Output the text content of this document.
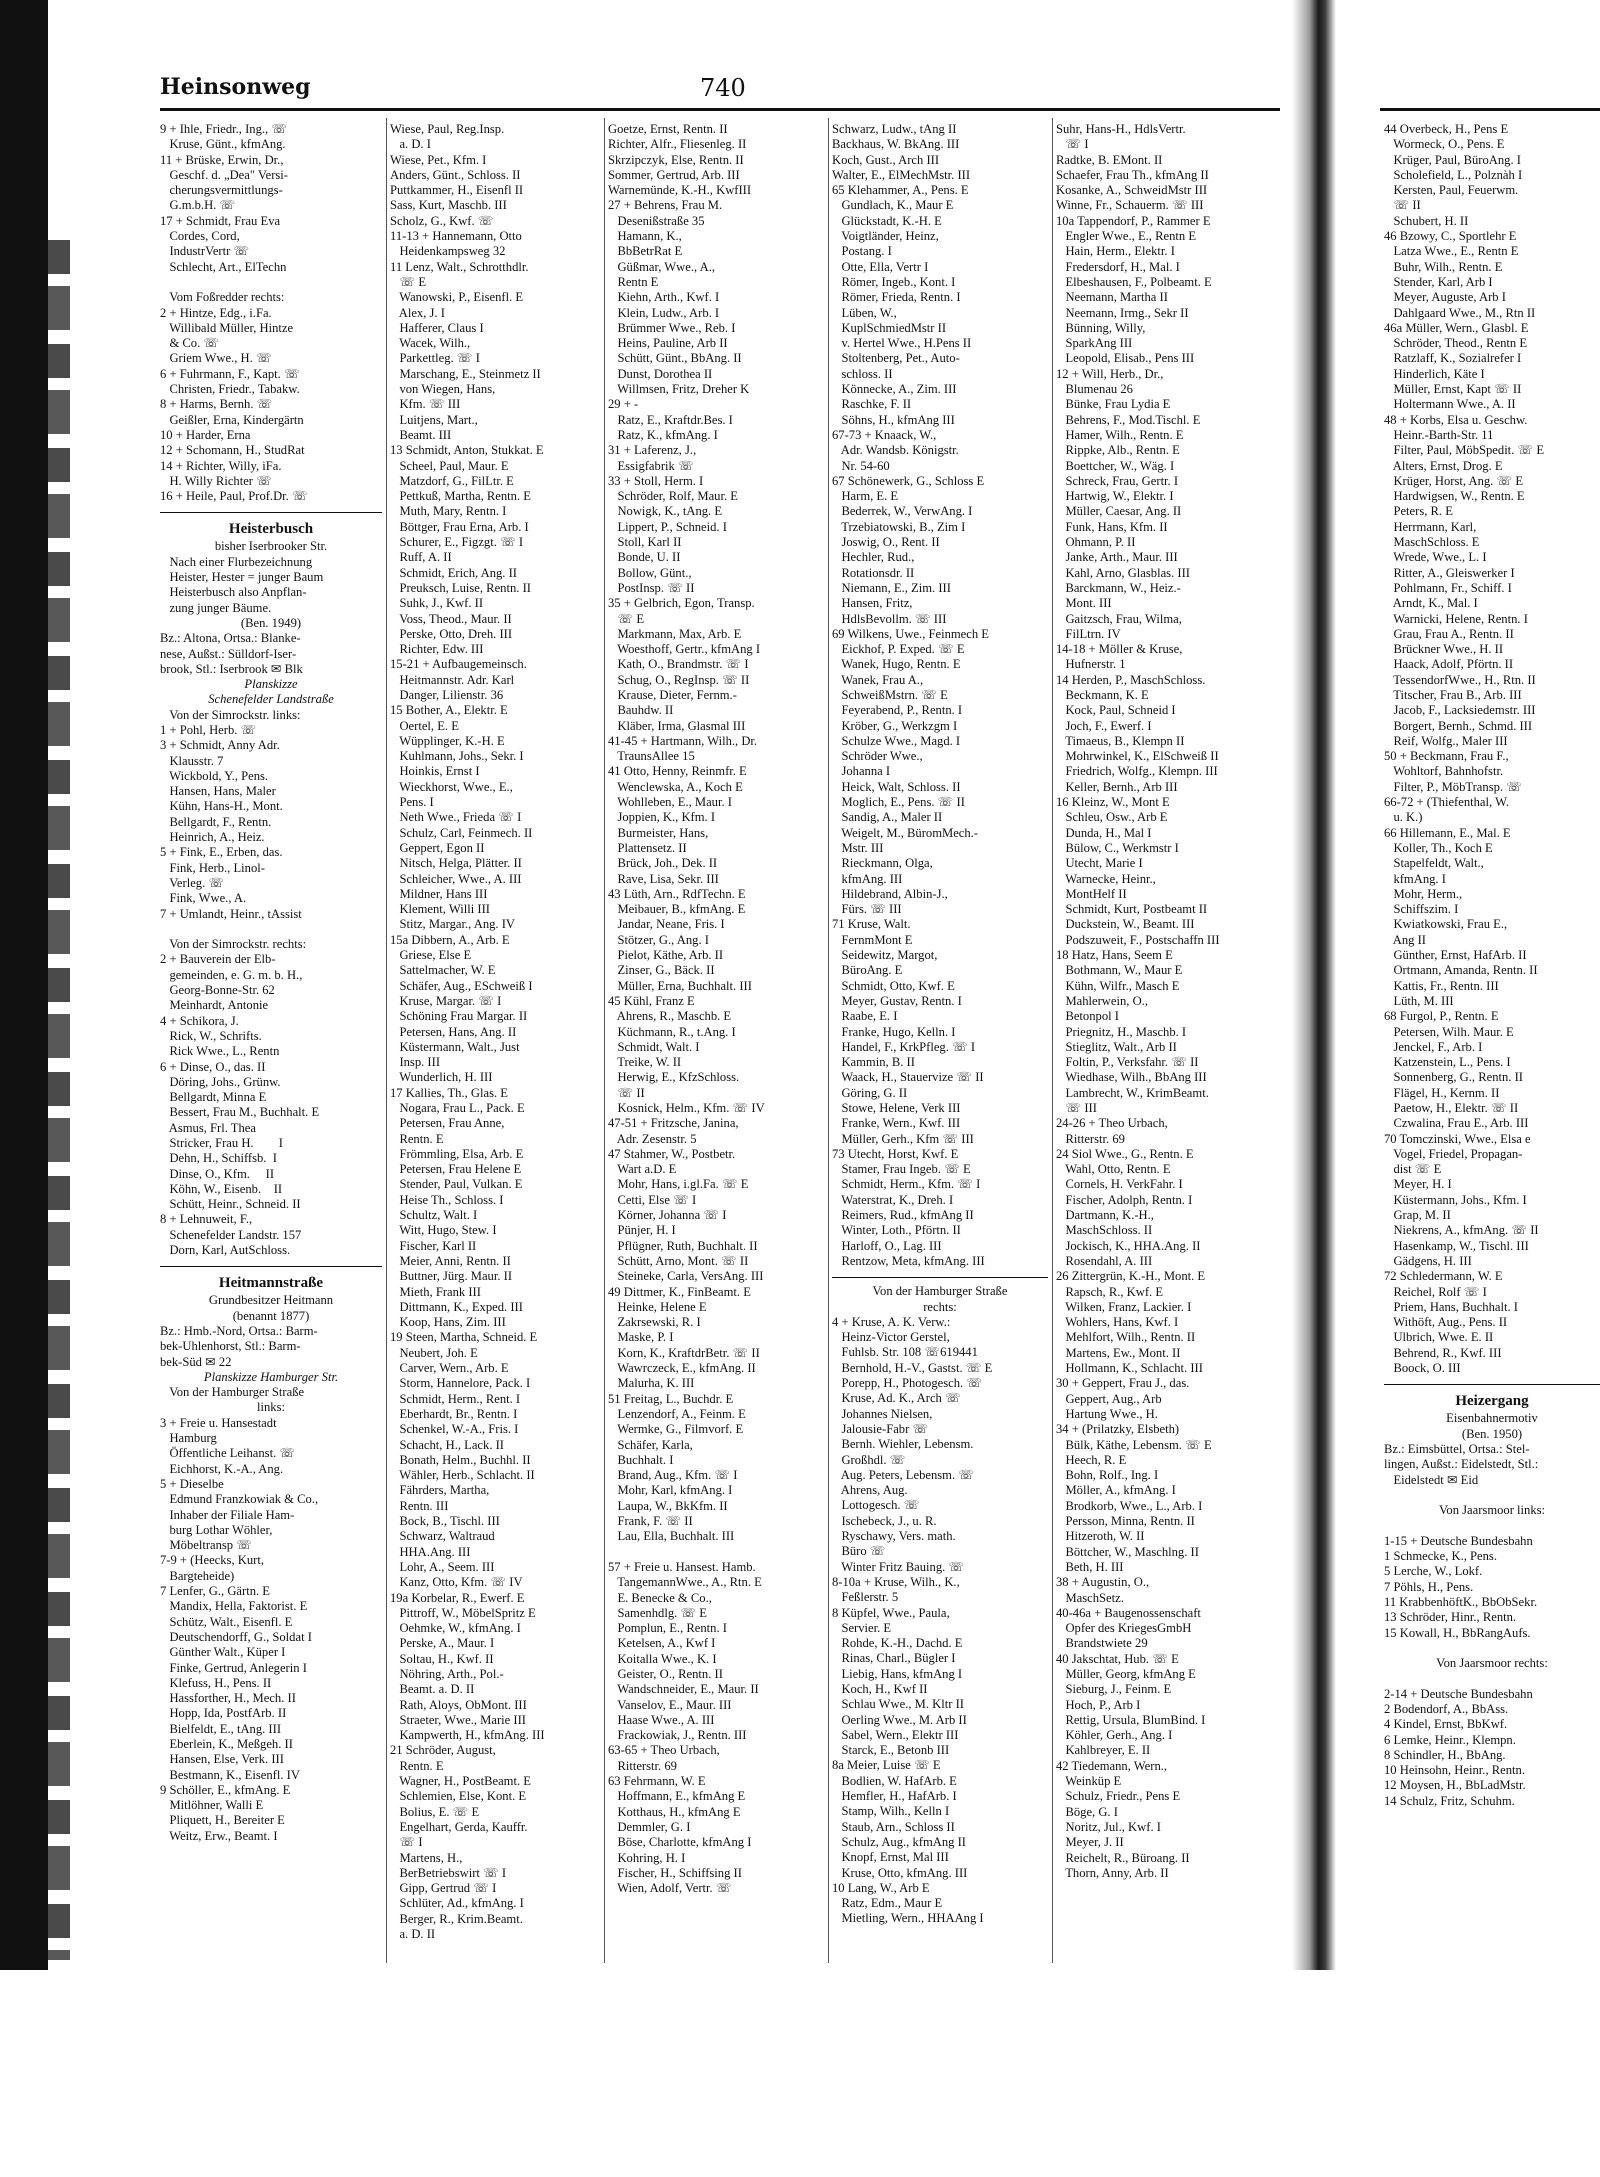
Heinsonweg	740
9 + Ihle, Friedr., Ing., ☏
Kruse, Günt., kfmAng.
11 + Brüske, Erwin, Dr.,
Geschf. d. „Dea" Versi-
cherungsvermittlungs-
G.m.b.H. ☏
17 + Schmidt, Frau Eva
Cordes, Cord,
IndustrVertr ☏
Schlecht, Art., ElTechn
Vom Foßredder rechts:
2 + Hintze, Edg., i.Fa.
Willibald Müller, Hintze
& Co. ☏
Griem Wwe., H. ☏
6 + Fuhrmann, F., Kapt. ☏
Christen, Friedr., Tabakw.
8 + Harms, Bernh. ☏
Geißler, Erna, Kindergärtn
10 + Harder, Erna
12 + Schomann, H., StudRat
14 + Richter, Willy, iFa.
H. Willy Richter ☏
16 + Heile, Paul, Prof.Dr. ☏
Heisterbusch
bisher Iserbrooker Str.
Nach einer Flurbezeichnung
Heister, Hester = junger Baum
Heisterbusch also Anpflan-
zung junger Bäume.
(Ben. 1949)
Bz.: Altona, Ortsa.: Blanke-
nese, Außst.: Sülldorf-Iser-
brook, Stl.: Iserbrook ✉ Blk
Planskizze
Schenefelder Landstraße
Von der Simrockstr. links:
1 + Pohl, Herb. ☏
3 + Schmidt, Anny Adr.
Klausstr. 7
Wickbold, Y., Pens.
Hansen, Hans, Maler
Kühn, Hans-H., Mont.
Bellgardt, F., Rentn.
Heinrich, A., Heiz.
5 + Fink, E., Erben, das.
Fink, Herb., Linol-
Verleg. ☏
Fink, Wwe., A.
7 + Umlandt, Heinr., tAssist
Von der Simrockstr. rechts:
2 + Bauverein der Elb-
gemeinden, e. G. m. b. H.,
Georg-Bonne-Str. 62
Meinhardt, Antonie
4 + Schikora, J.
Rick, W., Schrifts.
Rick Wwe., L., Rentn
6 + Dinse, O., das. II
Döring, Johs., Grünw.
Bellgardt, Minna E
Bessert, Frau M., Buchhalt. E
Asmus, Frl. Thea
Stricker, Frau H.        I
Dehn, H., Schiffsb.  I
Dinse, O., Kfm.     II
Köhn, W., Eisenb.    II
Schütt, Heinr., Schneid. II
8 + Lehnuweit, F.,
Schenefelder Landstr. 157
Dorn, Karl, AutSchloss.
Heitmannstraße
Grundbesitzer Heitmann
(benannt 1877)
Bz.: Hmb.-Nord, Ortsa.: Barm-
bek-Uhlenhorst, Stl.: Barm-
bek-Süd ✉ 22
Planskizze Hamburger Str.
Von der Hamburger Straße
links:
3 + Freie u. Hansestadt
Hamburg
Öffentliche Leihanst. ☏
Eichhorst, K.-A., Ang.
5 + Dieselbe
Edmund Franzkowiak & Co.,
Inhaber der Filiale Ham-
burg Lothar Wöhler,
Möbeltransp ☏
7-9 + (Heecks, Kurt,
Bargteheide)
7 Lenfer, G., Gärtn. E
Mandix, Hella, Faktorist. E
Schütz, Walt., Eisenfl. E
Deutschendorff, G., Soldat I
Günther Walt., Küper I
Finke, Gertrud, Anlegerin I
Klefuss, H., Pens. II
Hassforther, H., Mech. II
Hopp, Ida, PostfArb. II
Bielfeldt, E., tAng. III
Eberlein, K., Meßgeh. II
Hansen, Else, Verk. III
Bestmann, K., Eisenfl. IV
9 Schöller, E., kfmAng. E
Mitlöhner, Walli E
Pliquett, H., Bereiter E
Weitz, Erw., Beamt. I
Wiese, Paul, Reg.Insp.
a. D. I
Wiese, Pet., Kfm. I
Anders, Günt., Schloss. II
Puttkammer, H., Eisenfl II
Sass, Kurt, Maschb. III
Scholz, G., Kwf. ☏
11-13 + Hannemann, Otto
Heidenkampsweg 32
11 Lenz, Walt., Schrotthdlr.
☏ E
Wanowski, P., Eisenfl. E
Alex, J. I
Hafferer, Claus I
Wacek, Wilh.,
Parkettleg. ☏ I
Marschang, E., Steinmetz II
von Wiegen, Hans,
Kfm. ☏ III
Luitjens, Mart.,
Beamt. III
13 Schmidt, Anton, Stukkat. E
Scheel, Paul, Maur. E
Matzdorf, G., FilLtr. E
Pettkuß, Martha, Rentn. E
Muth, Mary, Rentn. I
Böttger, Frau Erna, Arb. I
Schurer, E., Figzgt. ☏ I
Ruff, A. II
Schmidt, Erich, Ang. II
Preuksch, Luise, Rentn. II
Suhk, J., Kwf. II
Voss, Theod., Maur. II
Perske, Otto, Dreh. III
Richter, Edw. III
15-21 + Aufbaugemeinsch.
Heitmannstr. Adr. Karl
Danger, Lilienstr. 36
15 Bother, A., Elektr. E
Oertel, E. E
Wüpplinger, K.-H. E
Kuhlmann, Johs., Sekr. I
Hoinkis, Ernst I
Wieckhorst, Wwe., E.,
Pens. I
Neth Wwe., Frieda ☏ I
Schulz, Carl, Feinmech. II
Geppert, Egon II
Nitsch, Helga, Plätter. II
Schleicher, Wwe., A. III
Mildner, Hans III
Klement, Willi III
Stitz, Margar., Ang. IV
15a Dibbern, A., Arb. E
Griese, Else E
Sattelmacher, W. E
Schäfer, Aug., ESchweiß I
Kruse, Margar. ☏ I
Schöning Frau Margar. II
Petersen, Hans, Ang. II
Küstermann, Walt., Just
Insp. III
Wunderlich, H. III
17 Kallies, Th., Glas. E
Nogara, Frau L., Pack. E
Petersen, Frau Anne,
Rentn. E
Frömmling, Elsa, Arb. E
Petersen, Frau Helene E
Stender, Paul, Vulkan. E
Heise Th., Schloss. I
Schultz, Walt. I
Witt, Hugo, Stew. I
Fischer, Karl II
Meier, Anni, Rentn. II
Buttner, Jürg. Maur. II
Mieth, Frank III
Dittmann, K., Exped. III
Koop, Hans, Zim. III
19 Steen, Martha, Schneid. E
Neubert, Joh. E
Carver, Wern., Arb. E
Storm, Hannelore, Pack. I
Schmidt, Herm., Rent. I
Eberhardt, Br., Rentn. I
Schenkel, W.-A., Fris. I
Schacht, H., Lack. II
Bonath, Helm., Buchhl. II
Wähler, Herb., Schlacht. II
Fährders, Martha,
Rentn. III
Bock, B., Tischl. III
Schwarz, Waltraud
HHA.Ang. III
Lohr, A., Seem. III
Kanz, Otto, Kfm. ☏ IV
19a Korbelar, R., Ewerf. E
Pittroff, W., MöbelSpritz E
Oehmke, W., kfmAng. I
Perske, A., Maur. I
Soltau, H., Kwf. II
Nöhring, Arth., Pol.-
Beamt. a. D. II
Rath, Aloys, ObMont. III
Straeter, Wwe., Marie III
Kampwerth, H., kfmAng. III
21 Schröder, August,
Rentn. E
Wagner, H., PostBeamt. E
Schlemien, Else, Kont. E
Bolius, E. ☏ E
Engelhart, Gerda, Kauffr.
☏ I
Martens, H.,
BerBetriebswirt ☏ I
Gipp, Gertrud ☏ I
Schlüter, Ad., kfmAng. I
Berger, R., Krim.Beamt.
a. D. II
Goetze, Ernst, Rentn. II
Richter, Alfr., Fliesenleg. II
Skrzipczyk, Else, Rentn. II
Sommer, Gertrud, Arb. III
Warnemünde, K.-H., KwfIII
27 + Behrens, Frau M.
Desenißstraße 35
Hamann, K.,
BbBetrRat E
Güßmar, Wwe., A.,
Rentn E
Kiehn, Arth., Kwf. I
Klein, Ludw., Arb. I
Brümmer Wwe., Reb. I
Heins, Pauline, Arb II
Schütt, Günt., BbAng. II
Dunst, Dorothea II
Willmsen, Fritz, Dreher K
29 + -
Ratz, E., Kraftdr.Bes. I
Ratz, K., kfmAng. I
31 + Laferenz, J.,
Essigfabrik ☏
33 + Stoll, Herm. I
Schröder, Rolf, Maur. E
Nowigk, K., tAng. E
Lippert, P., Schneid. I
Stoll, Karl II
Bonde, U. II
Bollow, Günt.,
PostInsp. ☏ II
35 + Gelbrich, Egon, Transp.
☏ E
Markmann, Max, Arb. E
Woesthoff, Gertr., kfmAng I
Kath, O., Brandmstr. ☏ I
Schug, O., RegInsp. ☏ II
Krause, Dieter, Fernm.-
Bauhdw. II
Kläber, Irma, Glasmal III
41-45 + Hartmann, Wilh., Dr.
TraunsAllee 15
41 Otto, Henny, Reinmfr. E
Wenclewska, A., Koch E
Wohlleben, E., Maur. I
Joppien, K., Kfm. I
Burmeister, Hans,
Plattensetz. II
Brück, Joh., Dek. II
Rave, Lisa, Sekr. III
43 Lüth, Arn., RdfTechn. E
Meibauer, B., kfmAng. E
Jandar, Neane, Fris. I
Stötzer, G., Ang. I
Pielot, Käthe, Arb. II
Zinser, G., Bäck. II
Müller, Erna, Buchhalt. III
45 Kühl, Franz E
Ahrens, R., Maschb. E
Küchmann, R., t.Ang. I
Schmidt, Walt. I
Treike, W. II
Herwig, E., KfzSchloss.
☏ II
Kosnick, Helm., Kfm. ☏ IV
47-51 + Fritzsche, Janina,
Adr. Zesenstr. 5
47 Stahmer, W., Postbetr.
Wart a.D. E
Mohr, Hans, i.gl.Fa. ☏ E
Cetti, Else ☏ I
Körner, Johanna ☏ I
Pünjer, H. I
Pflügner, Ruth, Buchhalt. II
Schütt, Arno, Mont. ☏ II
Steineke, Carla, VersAng. III
49 Dittmer, K., FinBeamt. E
Heinke, Helene E
Zakrsewski, R. I
Maske, P. I
Korn, K., KraftdrBetr. ☏ II
Wawrczeck, E., kfmAng. II
Malurha, K. III
51 Freitag, L., Buchdr. E
Lenzendorf, A., Feinm. E
Wermke, G., Filmvorf. E
Schäfer, Karla,
Buchhalt. I
Brand, Aug., Kfm. ☏ I
Mohr, Karl, kfmAng. I
Laupa, W., BkKfm. II
Frank, F. ☏ II
Lau, Ella, Buchhalt. III
57 + Freie u. Hansest. Hamb.
TangemannWwe., A., Rtn. E
E. Benecke & Co.,
Samenhdlg. ☏ E
Pomplun, E., Rentn. I
Ketelsen, A., Kwf I
Koitalla Wwe., K. I
Geister, O., Rentn. II
Wandschneider, E., Maur. II
Vanselov, E., Maur. III
Haase Wwe., A. III
Frackowiak, J., Rentn. III
63-65 + Theo Urbach,
Ritterstr. 69
63 Fehrmann, W. E
Hoffmann, E., kfmAng E
Kotthaus, H., kfmAng E
Demmler, G. I
Böse, Charlotte, kfmAng I
Kohring, H. I
Fischer, H., Schiffsing II
Wien, Adolf, Vertr. ☏
Schwarz, Ludw., tAng II
Backhaus, W. BkAng. III
Koch, Gust., Arch III
Walter, E., ElMechMstr. III
65 Klehammer, A., Pens. E
Gundlach, K., Maur E
Glückstadt, K.-H. E
Voigtländer, Heinz,
Postang. I
Otte, Ella, Vertr I
Römer, Ingeb., Kont. I
Römer, Frieda, Rentn. I
Lüben, W.,
KuplSchmiedMstr II
v. Hertel Wwe., H.Pens II
Stoltenberg, Pet., Auto-
schloss. II
Könnecke, A., Zim. III
Raschke, F. II
Söhns, H., kfmAng III
67-73 + Knaack, W.,
Adr. Wandsb. Königstr.
Nr. 54-60
67 Schönewerk, G., Schloss E
Harm, E. E
Bederrek, W., VerwAng. I
Trzebiatowski, B., Zim I
Joswig, O., Rent. II
Hechler, Rud.,
Rotationsdr. II
Niemann, E., Zim. III
Hansen, Fritz,
HdlsBevollm. ☏ III
69 Wilkens, Uwe., Feinmech E
Eickhof, P. Exped. ☏ E
Wanek, Hugo, Rentn. E
Wanek, Frau A.,
SchweißMstrn. ☏ E
Feyerabend, P., Rentn. I
Kröber, G., Werkzgm I
Schulze Wwe., Magd. I
Schröder Wwe.,
Johanna I
Heick, Walt, Schloss. II
Moglich, E., Pens. ☏ II
Sandig, A., Maler II
Weigelt, M., BüromMech.-
Mstr. III
Rieckmann, Olga,
kfmAng. III
Hildebrand, Albin-J.,
Fürs. ☏ III
71 Kruse, Walt.
FernmMont E
Seidewitz, Margot,
BüroAng. E
Schmidt, Otto, Kwf. E
Meyer, Gustav, Rentn. I
Raabe, E. I
Franke, Hugo, Kelln. I
Handel, F., KrkPfleg. ☏ I
Kammin, B. II
Waack, H., Stauervize ☏ II
Göring, G. II
Stowe, Helene, Verk III
Franke, Wern., Kwf. III
Müller, Gerh., Kfm ☏ III
73 Utecht, Horst, Kwf. E
Stamer, Frau Ingeb. ☏ E
Schmidt, Herm., Kfm. ☏ I
Waterstrat, K., Dreh. I
Reimers, Rud., kfmAng II
Winter, Loth., Pförtn. II
Harloff, O., Lag. III
Rentzow, Meta, kfmAng. III
Von der Hamburger Straße
rechts:
4 + Kruse, A. K. Verw.:
Heinz-Victor Gerstel,
Fuhlsb. Str. 108 ☏619441
Bernhold, H.-V., Gastst. ☏ E
Porepp, H., Photogesch. ☏
Kruse, Ad. K., Arch ☏
Johannes Nielsen,
Jalousie-Fabr ☏
Bernh. Wiehler, Lebensm.
Großhdl. ☏
Aug. Peters, Lebensm. ☏
Ahrens, Aug.
Lottogesch. ☏
Ischebeck, J., u. R.
Ryschawy, Vers. math.
Büro ☏
Winter Fritz Bauing. ☏
8-10a + Kruse, Wilh., K.,
Feßlerstr. 5
8 Küpfel, Wwe., Paula,
Servier. E
Rohde, K.-H., Dachd. E
Rinas, Charl., Bügler I
Liebig, Hans, kfmAng I
Koch, H., Kwf II
Schlau Wwe., M. Kltr II
Oerling Wwe., M. Arb II
Sabel, Wern., Elektr III
Starck, E., Betonb III
8a Meier, Luise ☏ E
Bodlien, W. HafArb. E
Hemfler, H., HafArb. I
Stamp, Wilh., Kelln I
Staub, Arn., Schloss II
Schulz, Aug., kfmAng II
Knopf, Ernst, Mal III
Kruse, Otto, kfmAng. III
10 Lang, W., Arb E
Ratz, Edm., Maur E
Mietling, Wern., HHAAng I
Suhr, Hans-H., HdlsVertr.
☏ I
Radtke, B. EMont. II
Schaefer, Frau Th., kfmAng II
Kosanke, A., SchweidMstr III
Winne, Fr., Schauerm. ☏ III
10a Tappendorf, P., Rammer E
Engler Wwe., E., Rentn E
Hain, Herm., Elektr. I
Fredersdorf, H., Mal. I
Elbeshausen, F., Polbeamt. E
Neemann, Martha II
Neemann, Irmg., Sekr II
Bünning, Willy,
SparkAng III
Leopold, Elisab., Pens III
12 + Will, Herb., Dr.,
Blumenau 26
Bünke, Frau Lydia E
Behrens, F., Mod.Tischl. E
Hamer, Wilh., Rentn. E
Rippke, Alb., Rentn. E
Boettcher, W., Wäg. I
Schreck, Frau, Gertr. I
Hartwig, W., Elektr. I
Müller, Caesar, Ang. II
Funk, Hans, Kfm. II
Ohmann, P. II
Janke, Arth., Maur. III
Kahl, Arno, Glasblas. III
Barckmann, W., Heiz.-
Mont. III
Gaitzsch, Frau, Wilma,
FilLtrn. IV
14-18 + Möller & Kruse,
Hufnerstr. 1
14 Herden, P., MaschSchloss.
Beckmann, K. E
Kock, Paul, Schneid I
Joch, F., Ewerf. I
Timaeus, B., Klempn II
Mohrwinkel, K., ElSchweiß II
Friedrich, Wolfg., Klempn. III
Keller, Bernh., Arb III
16 Kleinz, W., Mont E
Schleu, Osw., Arb E
Dunda, H., Mal I
Bülow, C., Werkmstr I
Utecht, Marie I
Warnecke, Heinr.,
MontHelf II
Schmidt, Kurt, Postbeamt II
Duckstein, W., Beamt. III
Podszuweit, F., Postschaffn III
18 Hatz, Hans, Seem E
Bothmann, W., Maur E
Kühn, Wilfr., Masch E
Mahlerwein, O.,
Betonpol I
Priegnitz, H., Maschb. I
Stieglitz, Walt., Arb II
Foltin, P., Verksfahr. ☏ II
Wiedhase, Wilh., BbAng III
Lambrecht, W., KrimBeamt.
☏ III
24-26 + Theo Urbach,
Ritterstr. 69
24 Siol Wwe., G., Rentn. E
Wahl, Otto, Rentn. E
Cornels, H. VerkFahr. I
Fischer, Adolph, Rentn. I
Dartmann, K.-H.,
MaschSchloss. II
Jockisch, K., HHA.Ang. II
Rosendahl, A. III
26 Zittergrün, K.-H., Mont. E
Rapsch, R., Kwf. E
Wilken, Franz, Lackier. I
Wohlers, Hans, Kwf. I
Mehlfort, Wilh., Rentn. II
Martens, Ew., Mont. II
Hollmann, K., Schlacht. III
30 + Geppert, Frau J., das.
Geppert, Aug., Arb
Hartung Wwe., H.
34 + (Prilatzky, Elsbeth)
Bülk, Käthe, Lebensm. ☏ E
Heech, R. E
Bohn, Rolf., Ing. I
Möller, A., kfmAng. I
Brodkorb, Wwe., L., Arb. I
Persson, Minna, Rentn. II
Hitzeroth, W. II
Böttcher, W., Maschlng. II
Beth, H. III
38 + Augustin, O.,
MaschSetz.
40-46a + Baugenossenschaft
Opfer des KriegesGmbH
Brandstwiete 29
40 Jakschtat, Hub. ☏ E
Müller, Georg, kfmAng E
Sieburg, J., Feinm. E
Hoch, P., Arb I
Rettig, Ursula, BlumBind. I
Köhler, Gerh., Ang. I
Kahlbreyer, E. II
42 Tiedemann, Wern.,
Weinküp E
Schulz, Friedr., Pens E
Böge, G. I
Noritz, Jul., Kwf. I
Meyer, J. II
Reichelt, R., Büroang. II
Thorn, Anny, Arb. II
44 Overbeck, H., Pens E
Wormeck, O., Pens. E
Krüger, Paul, BüroAng. I
Scholefield, L., Polznàh I
Kersten, Paul, Feuerwm.
☏ II
Schubert, H. II
46 Bzowy, C., Sportlehr E
Latza Wwe., E., Rentn E
Buhr, Wilh., Rentn. E
Stender, Karl, Arb I
Meyer, Auguste, Arb I
Dahlgaard Wwe., M., Rtn II
46a Müller, Wern., Glasbl. E
Schröder, Theod., Rentn E
Ratzlaff, K., Sozialrefer I
Hinderlich, Käte I
Müller, Ernst, Kapt ☏ II
Holtermann Wwe., A. II
48 + Korbs, Elsa u. Geschw.
Heinr.-Barth-Str. 11
Filter, Paul, MöbSpedit. ☏ E
Alters, Ernst, Drog. E
Krüger, Horst, Ang. ☏ E
Hardwigsen, W., Rentn. E
Peters, R. E
Herrmann, Karl,
MaschSchloss. E
Wrede, Wwe., L. I
Ritter, A., Gleiswerker I
Pohlmann, Fr., Schiff. I
Arndt, K., Mal. I
Warnicki, Helene, Rentn. I
Grau, Frau A., Rentn. II
Brückner Wwe., H. II
Haack, Adolf, Pförtn. II
TessendorfWwe., H., Rtn. II
Titscher, Frau B., Arb. III
Jacob, F., Lacksiedemstr. III
Borgert, Bernh., Schmd. III
Reif, Wolfg., Maler III
50 + Beckmann, Frau F.,
Wohltorf, Bahnhofstr.
Filter, P., MöbTransp. ☏
66-72 + (Thiefenthal, W.
u. K.)
66 Hillemann, E., Mal. E
Koller, Th., Koch E
Stapelfeldt, Walt.,
kfmAng. I
Mohr, Herm.,
Schiffszim. I
Kwiatkowski, Frau E.,
Ang II
Günther, Ernst, HafArb. II
Ortmann, Amanda, Rentn. II
Kattis, Fr., Rentn. III
Lüth, M. III
68 Furgol, P., Rentn. E
Petersen, Wilh. Maur. E
Jenckel, F., Arb. I
Katzenstein, L., Pens. I
Sonnenberg, G., Rentn. II
Flägel, H., Kernm. II
Paetow, H., Elektr. ☏ II
Czwalina, Frau E., Arb. III
70 Tomczinski, Wwe., Elsa e
Vogel, Friedel, Propagan-
dist ☏ E
Meyer, H. I
Küstermann, Johs., Kfm. I
Grap, M. II
Niekrens, A., kfmAng. ☏ II
Hasenkamp, W., Tischl. III
Gädgens, H. III
72 Schledermann, W. E
Reichel, Rolf ☏ I
Priem, Hans, Buchhalt. I
Withöft, Aug., Pens. II
Ulbrich, Wwe. E. II
Behrend, R., Kwf. III
Boock, O. III
Heizergang
Eisenbahnermotiv
(Ben. 1950)
Bz.: Eimsbüttel, Ortsa.: Stel-
lingen, Außst.: Eidelstedt, Stl.:
Eidelstedt ✉ Eid
Von Jaarsmoor links:
1-15 + Deutsche Bundesbahn
1 Schmecke, K., Pens.
5 Lerche, W., Lokf.
7 Pöhls, H., Pens.
11 KrabbenhöftK., BbObSekr.
13 Schröder, Hinr., Rentn.
15 Kowall, H., BbRangAufs.
Von Jaarsmoor rechts:
2-14 + Deutsche Bundesbahn
2 Bodendorf, A., BbAss.
4 Kindel, Ernst, BbKwf.
6 Lemke, Heinr., Klempn.
8 Schindler, H., BbAng.
10 Heinsohn, Heinr., Rentn.
12 Moysen, H., BbLadMstr.
14 Schulz, Fritz, Schuhm.
